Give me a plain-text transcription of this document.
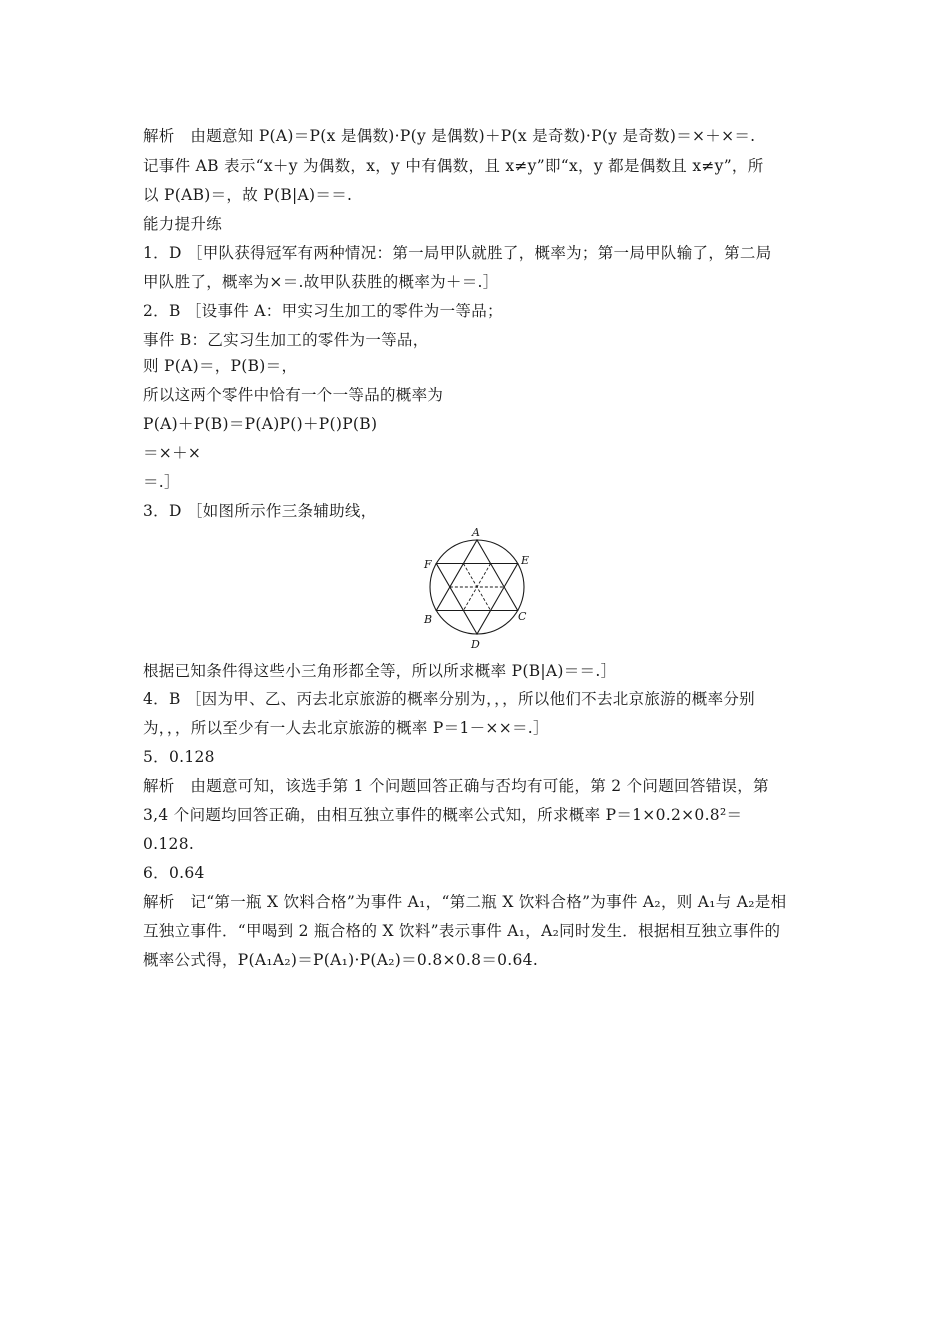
解析　由题意知 P(A)＝P(x 是偶数)·P(y 是偶数)＋P(x 是奇数)·P(y 是奇数)＝×＋×＝.
记事件 AB 表示“x＋y 为偶数，x，y 中有偶数，且 x≠y”即“x，y 都是偶数且 x≠y”，所
以 P(AB)＝，故 P(B|A)＝＝.
能力提升练
1．D ［甲队获得冠军有两种情况：第一局甲队就胜了，概率为；第一局甲队输了，第二局
甲队胜了，概率为×＝.故甲队获胜的概率为＋＝.］
2．B ［设事件 A：甲实习生加工的零件为一等品；
事件 B：乙实习生加工的零件为一等品，
则 P(A)＝，P(B)＝，
所以这两个零件中恰有一个一等品的概率为
P(A)＋P(B)＝P(A)P()＋P()P(B)
＝×＋×
＝.］
3．D ［如图所示作三条辅助线，
A
E
F
C
B
D
根据已知条件得这些小三角形都全等，所以所求概率 P(B|A)＝＝.］
4．B ［因为甲、乙、丙去北京旅游的概率分别为，，，所以他们不去北京旅游的概率分别
为，，，所以至少有一人去北京旅游的概率 P＝1－××＝.］
5．0.128
解析　由题意可知，该选手第 1 个问题回答正确与否均有可能，第 2 个问题回答错误，第
3,4 个问题均回答正确，由相互独立事件的概率公式知，所求概率 P＝1×0.2×0.8²＝
0.128.
6．0.64
解析　记“第一瓶 X 饮料合格”为事件 A₁，“第二瓶 X 饮料合格”为事件 A₂，则 A₁与 A₂是相
互独立事件．“甲喝到 2 瓶合格的 X 饮料”表示事件 A₁，A₂同时发生．根据相互独立事件的
概率公式得，P(A₁A₂)＝P(A₁)·P(A₂)＝0.8×0.8＝0.64.
